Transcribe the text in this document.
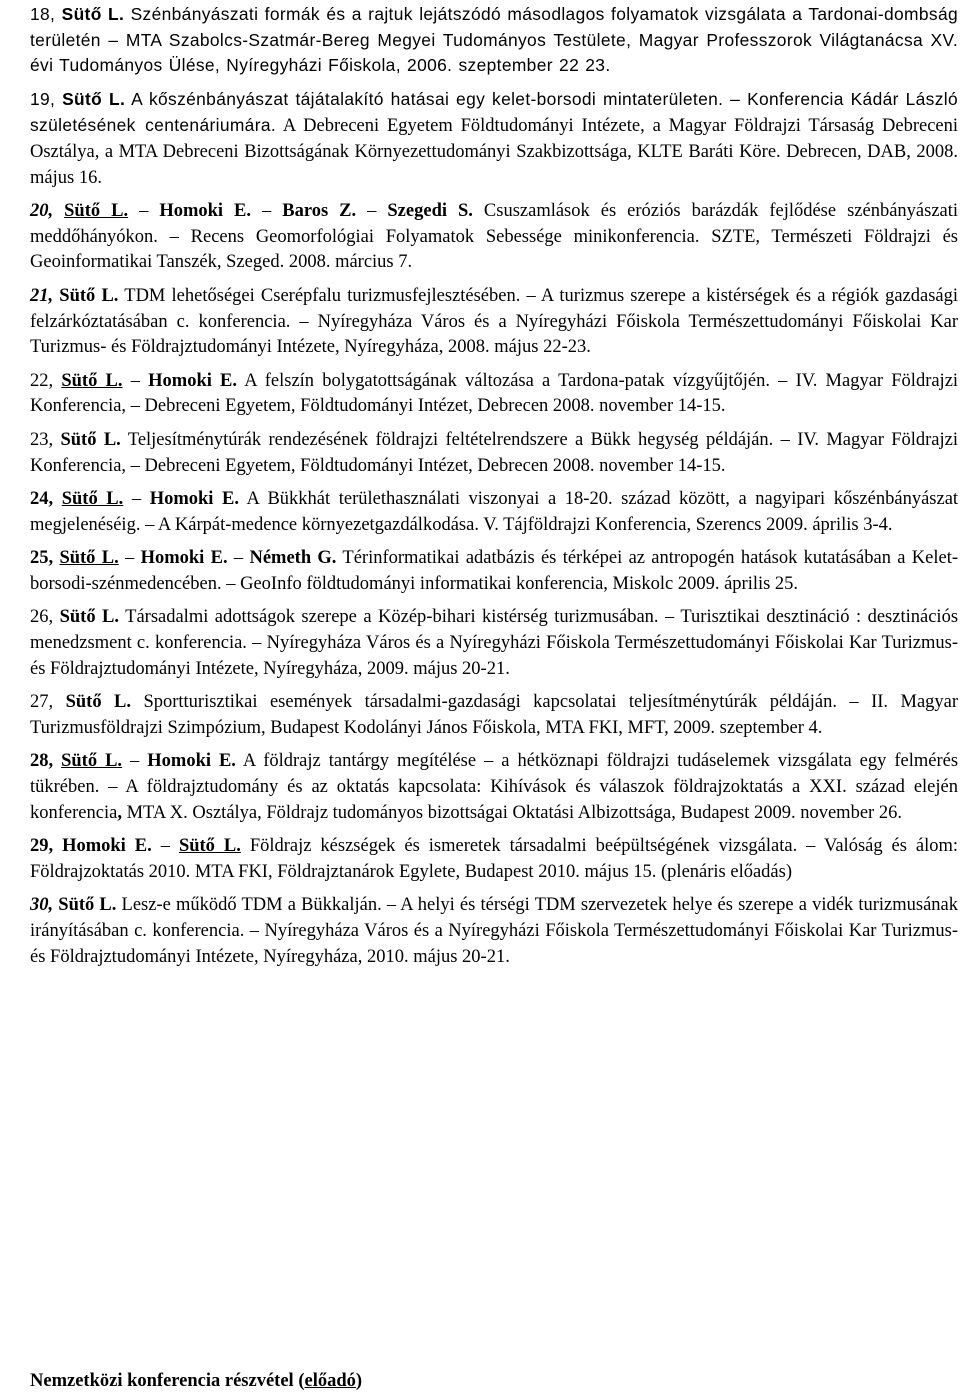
18, Sütő L. Szénbányászati formák és a rajtuk lejátszódó másodlagos folyamatok vizsgálata a Tardonai-dombság területén – MTA Szabolcs-Szatmár-Bereg Megyei Tudományos Testülete, Magyar Professzorok Világtanácsa XV. évi Tudományos Ülése, Nyíregyházi Főiskola, 2006. szeptember 22 23.

19, Sütő L. A kőszénbányászat tájátalakító hatásai egy kelet-borsodi mintaterületen. – Konferencia Kádár László születésének centenáriumára. A Debreceni Egyetem Földtudományi Intézete, a Magyar Földrajzi Társaság Debreceni Osztálya, a MTA Debreceni Bizottságának Környezettudományi Szakbizottsága, KLTE Baráti Köre. Debrecen, DAB, 2008. május 16.

20, Sütő L. – Homoki E. – Baros Z. – Szegedi S. Csuszamlások és eróziós barázdák fejlődése szénbányászati meddőhányókon. – Recens Geomorfológiai Folyamatok Sebessége minikonferencia. SZTE, Természeti Földrajzi és Geoinformatikai Tanszék, Szeged. 2008. március 7.

21, Sütő L. TDM lehetőségei Cserépfalu turizmusfejlesztésében. – A turizmus szerepe a kistérségek és a régiók gazdasági felzárkóztatásában c. konferencia. – Nyíregyháza Város és a Nyíregyházi Főiskola Természettudományi Főiskolai Kar Turizmus- és Földrajztudományi Intézete, Nyíregyháza, 2008. május 22-23.

22, Sütő L. – Homoki E. A felszín bolygatottságának változása a Tardona-patak vízgyűjtőjén. – IV. Magyar Földrajzi Konferencia, – Debreceni Egyetem, Földtudományi Intézet, Debrecen 2008. november 14-15.

23, Sütő L. Teljesítménytúrák rendezésének földrajzi feltételrendszere a Bükk hegység példáján. – IV. Magyar Földrajzi Konferencia, – Debreceni Egyetem, Földtudományi Intézet, Debrecen 2008. november 14-15.

24, Sütő L. – Homoki E. A Bükkhát területhasználati viszonyai a 18-20. század között, a nagyipari kőszénbányászat megjelenéséig. – A Kárpát-medence környezetgazdálkodása. V. Tájföldrajzi Konferencia, Szerencs 2009. április 3-4.

25, Sütő L. – Homoki E. – Németh G. Térinformatikai adatbázis és térképei az antropogén hatások kutatásában a Kelet-borsodi-szénmedencében. – GeoInfo földtudományi informatikai konferencia, Miskolc 2009. április 25.

26, Sütő L. Társadalmi adottságok szerepe a Közép-bihari kistérség turizmusában. – Turisztikai desztináció : desztinációs menedzsment c. konferencia. – Nyíregyháza Város és a Nyíregyházi Főiskola Természettudományi Főiskolai Kar Turizmus- és Földrajztudományi Intézete, Nyíregyháza, 2009. május 20-21.

27, Sütő L. Sportturisztikai események társadalmi-gazdasági kapcsolatai teljesítménytúrák példáján. – II. Magyar Turizmusföldrajzi Szimpózium, Budapest Kodolányi János Főiskola, MTA FKI, MFT, 2009. szeptember 4.

28, Sütő L. – Homoki E. A földrajz tantárgy megítélése – a hétköznapi földrajzi tudáselemek vizsgálata egy felmérés tükrében. – A földrajztudomány és az oktatás kapcsolata: Kihívások és válaszok földrajzoktatás a XXI. század elején konferencia, MTA X. Osztálya, Földrajz tudományos bizottságai Oktatási Albizottsága, Budapest 2009. november 26.

29, Homoki E. – Sütő L. Földrajz készségek és ismeretek társadalmi beépültségének vizsgálata. – Valóság és álom: Földrajzoktatás 2010. MTA FKI, Földrajztanárok Egylete, Budapest 2010. május 15. (plenáris előadás)

30, Sütő L. Lesz-e működő TDM a Bükkalján. – A helyi és térségi TDM szervezetek helye és szerepe a vidék turizmusának irányításában c. konferencia. – Nyíregyháza Város és a Nyíregyházi Főiskola Természettudományi Főiskolai Kar Turizmus- és Földrajztudományi Intézete, Nyíregyháza, 2010. május 20-21.

Nemzetközi konferencia részvétel (előadó)
